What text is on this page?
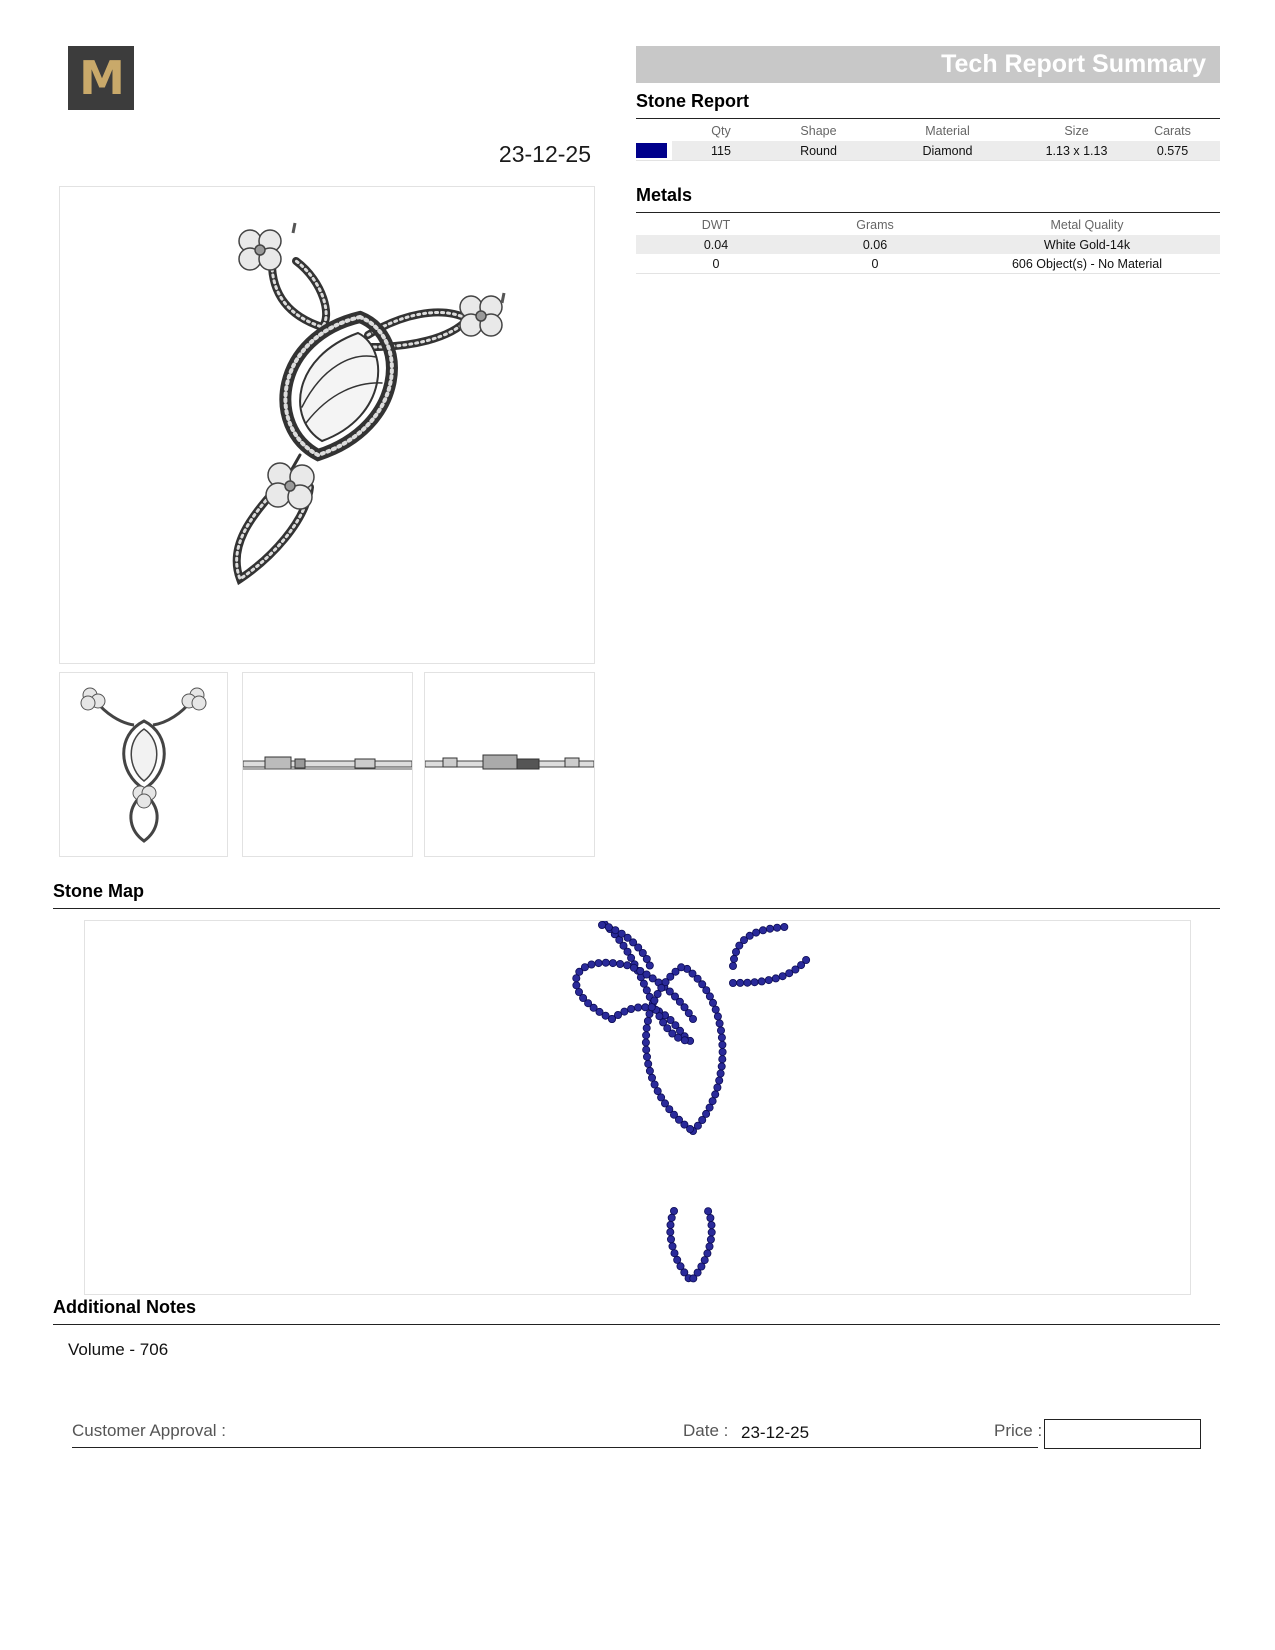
M
23-12-25
Tech Report Summary
Stone Report
	Qty	Shape	Material	Size	Carats
	115	Round	Diamond	1.13 x 1.13	0.575
Metals
DWT	Grams	Metal Quality
0.04	0.06	White Gold-14k
0	0	606 Object(s) - No Material
Stone Map
Additional Notes
Volume - 706
Customer Approval :	Date : 23-12-25	Price :
